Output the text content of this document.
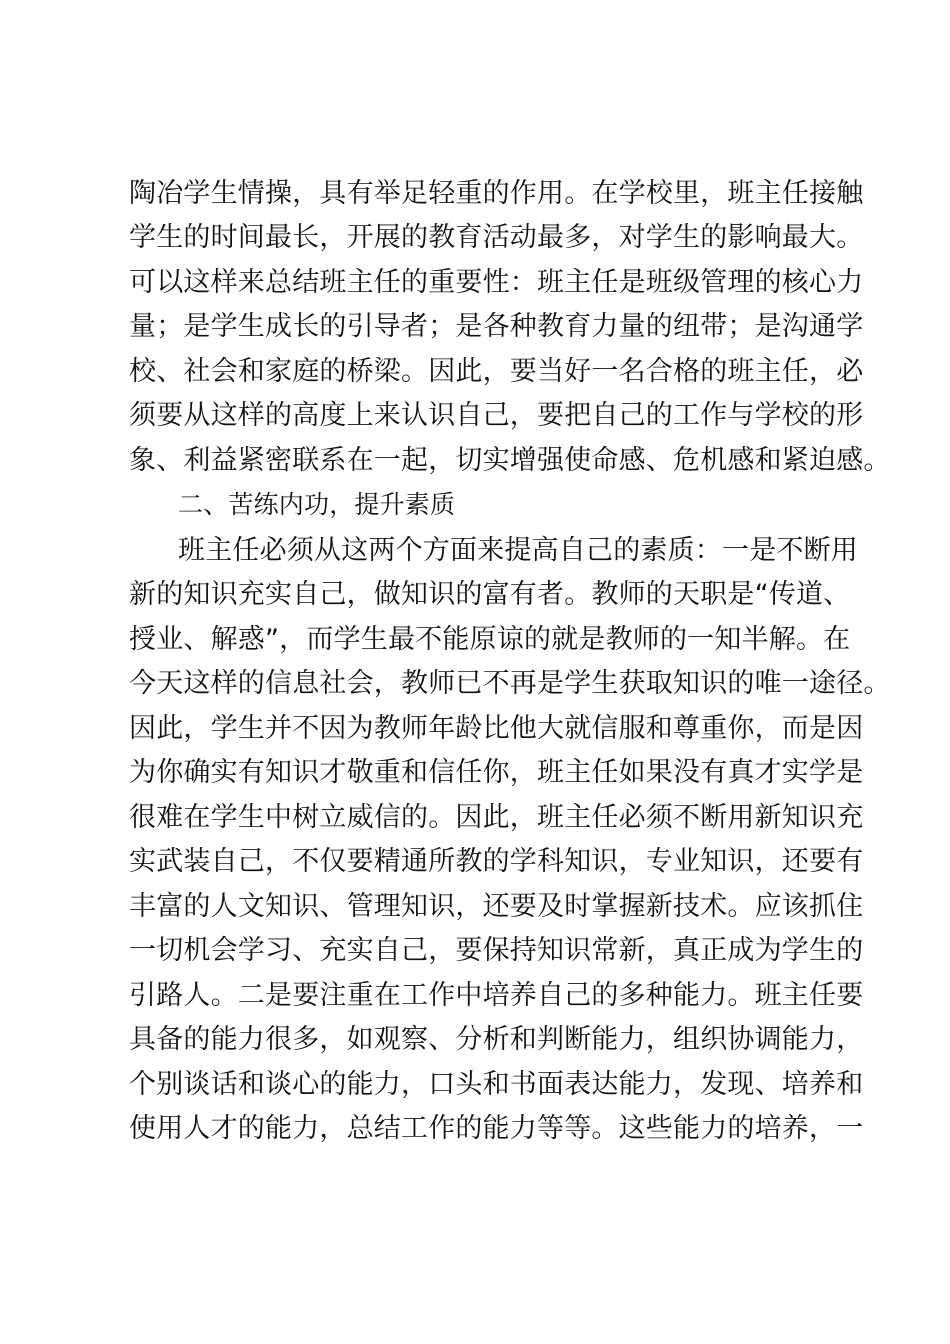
陶冶学生情操，具有举足轻重的作用。在学校里，班主任接触
学生的时间最长，开展的教育活动最多，对学生的影响最大。
可以这样来总结班主任的重要性：班主任是班级管理的核心力
量；是学生成长的引导者；是各种教育力量的纽带；是沟通学
校、社会和家庭的桥梁。因此，要当好一名合格的班主任，必
须要从这样的高度上来认识自己，要把自己的工作与学校的形
象、利益紧密联系在一起，切实增强使命感、危机感和紧迫感。
二、苦练内功，提升素质
班主任必须从这两个方面来提高自己的素质：一是不断用
新的知识充实自己，做知识的富有者。教师的天职是“传道、
授业、解惑”，而学生最不能原谅的就是教师的一知半解。在
今天这样的信息社会，教师已不再是学生获取知识的唯一途径。
因此，学生并不因为教师年龄比他大就信服和尊重你，而是因
为你确实有知识才敬重和信任你，班主任如果没有真才实学是
很难在学生中树立威信的。因此，班主任必须不断用新知识充
实武装自己，不仅要精通所教的学科知识，专业知识，还要有
丰富的人文知识、管理知识，还要及时掌握新技术。应该抓住
一切机会学习、充实自己，要保持知识常新，真正成为学生的
引路人。二是要注重在工作中培养自己的多种能力。班主任要
具备的能力很多，如观察、分析和判断能力，组织协调能力，
个别谈话和谈心的能力，口头和书面表达能力，发现、培养和
使用人才的能力，总结工作的能力等等。这些能力的培养，一
